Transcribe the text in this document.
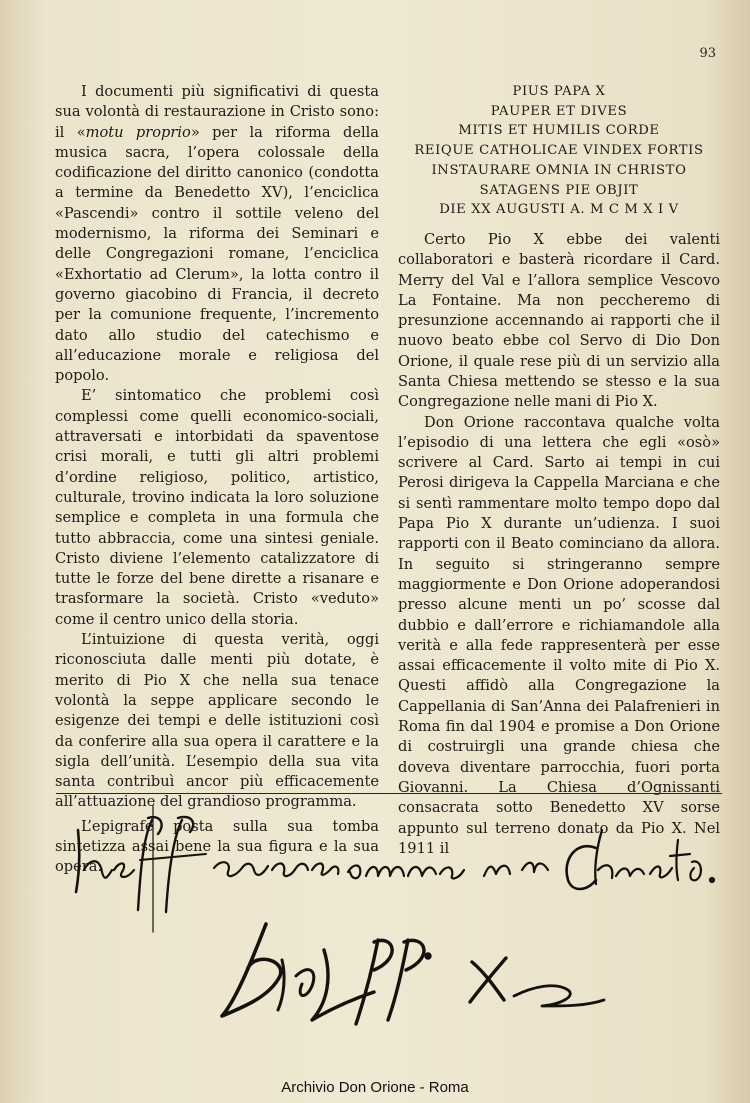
93

I documenti più significativi di questa sua volontà di restaurazione in Cristo sono: il «motu proprio» per la riforma della musica sacra, l’opera colossale della codificazione del diritto canonico (condotta a termine da Benedetto XV), l’enciclica «Pascendi» contro il sottile veleno del modernismo, la riforma dei Seminari e delle Congregazioni romane, l’enciclica «Exhortatio ad Clerum», la lotta contro il governo giacobino di Francia, il decreto per la comunione frequente, l’incremento dato allo studio del catechismo e all’educazione morale e religiosa del popolo.

E’ sintomatico che problemi così complessi come quelli economico-sociali, attraversati e intorbidati da spaventose crisi morali, e tutti gli altri problemi d’ordine religioso, politico, artistico, culturale, trovino indicata la loro soluzione semplice e completa in una formula che tutto abbraccia, come una sintesi geniale. Cristo diviene l’elemento catalizzatore di tutte le forze del bene dirette a risanare e trasformare la società. Cristo «veduto» come il centro unico della storia.

L’intuizione di questa verità, oggi riconosciuta dalle menti più dotate, è merito di Pio X che nella sua tenace volontà la seppe applicare secondo le esigenze dei tempi e delle istituzioni così da conferire alla sua opera il carattere e la sigla dell’unità. L’esempio della sua vita santa contribuì ancor più efficacemente all’attuazione del grandioso programma.

L’epigrafe posta sulla sua tomba sintetizza assai bene la sua figura e la sua opera.

PIUS PAPA X
PAUPER ET DIVES
MITIS ET HUMILIS CORDE
REIQUE CATHOLICAE VINDEX FORTIS
INSTAURARE OMNIA IN CHRISTO
SATAGENS PIE OBJIT
DIE XX AUGUSTI A. M C M X I V

Certo Pio X ebbe dei valenti collaboratori e basterà ricordare il Card. Merry del Val e l’allora semplice Vescovo La Fontaine. Ma non peccheremo di presunzione accennando ai rapporti che il nuovo beato ebbe col Servo di Dio Don Orione, il quale rese più di un servizio alla Santa Chiesa mettendo se stesso e la sua Congregazione nelle mani di Pio X.

Don Orione raccontava qualche volta l’episodio di una lettera che egli «osò» scrivere al Card. Sarto ai tempi in cui Perosi dirigeva la Cappella Marciana e che si sentì rammentare molto tempo dopo dal Papa Pio X durante un’udienza. I suoi rapporti con il Beato cominciano da allora. In seguito si stringeranno sempre maggiormente e Don Orione adoperandosi presso alcune menti un po’ scosse dal dubbio e dall’errore e richiamandole alla verità e alla fede rappresenterà per esse assai efficacemente il volto mite di Pio X. Questi affidò alla Congregazione la Cappellania di San’Anna dei Palafrenieri in Roma fin dal 1904 e promise a Don Orione di costruirgli una grande chiesa che doveva diventare parrocchia, fuori porta Giovanni. La Chiesa d’Ognissanti consacrata sotto Benedetto XV sorse appunto sul terreno donato da Pio X. Nel 1911 il

Archivio Don Orione - Roma
